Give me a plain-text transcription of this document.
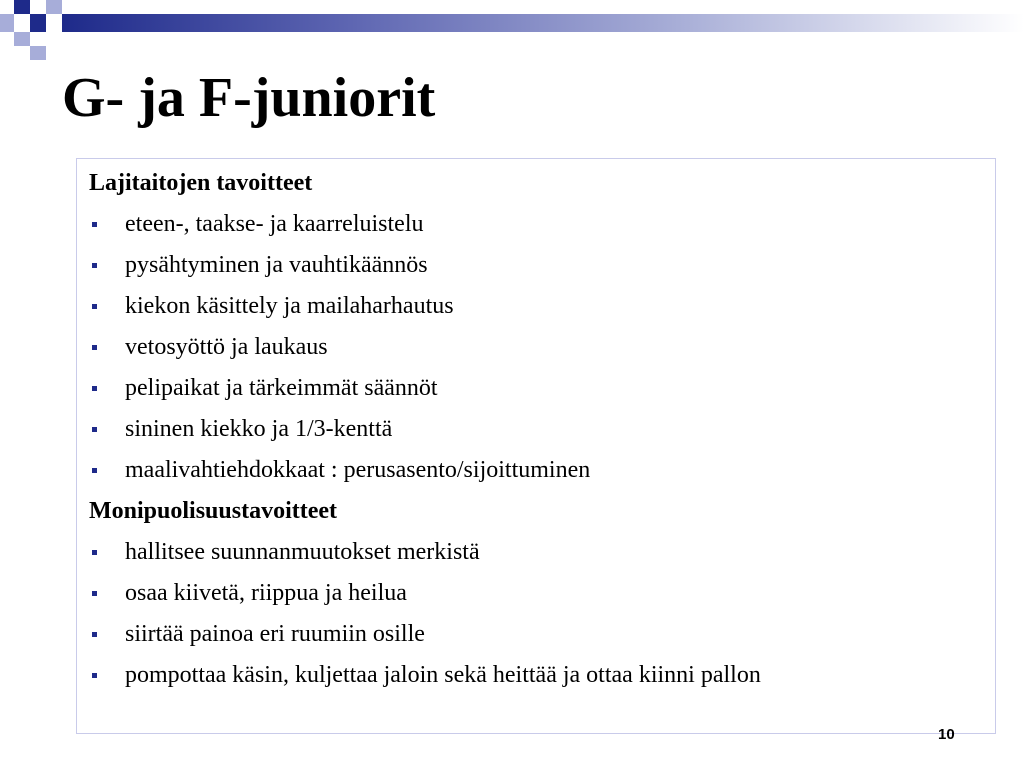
G- ja F-juniorit
Lajitaitojen tavoitteet
eteen-, taakse- ja kaarreluistelu
pysähtyminen ja vauhtikäännös
kiekon käsittely ja mailaharhautus
vetosyöttö ja laukaus
pelipaikat ja tärkeimmät säännöt
sininen kiekko ja 1/3-kenttä
maalivahtiehdokkaat : perusasento/sijoittuminen
Monipuolisuustavoitteet
hallitsee suunnanmuutokset merkistä
osaa kiivetä, riippua ja heilua
siirtää painoa eri ruumiin osille
pompottaa käsin, kuljettaa jaloin sekä heittää ja ottaa kiinni pallon
10
